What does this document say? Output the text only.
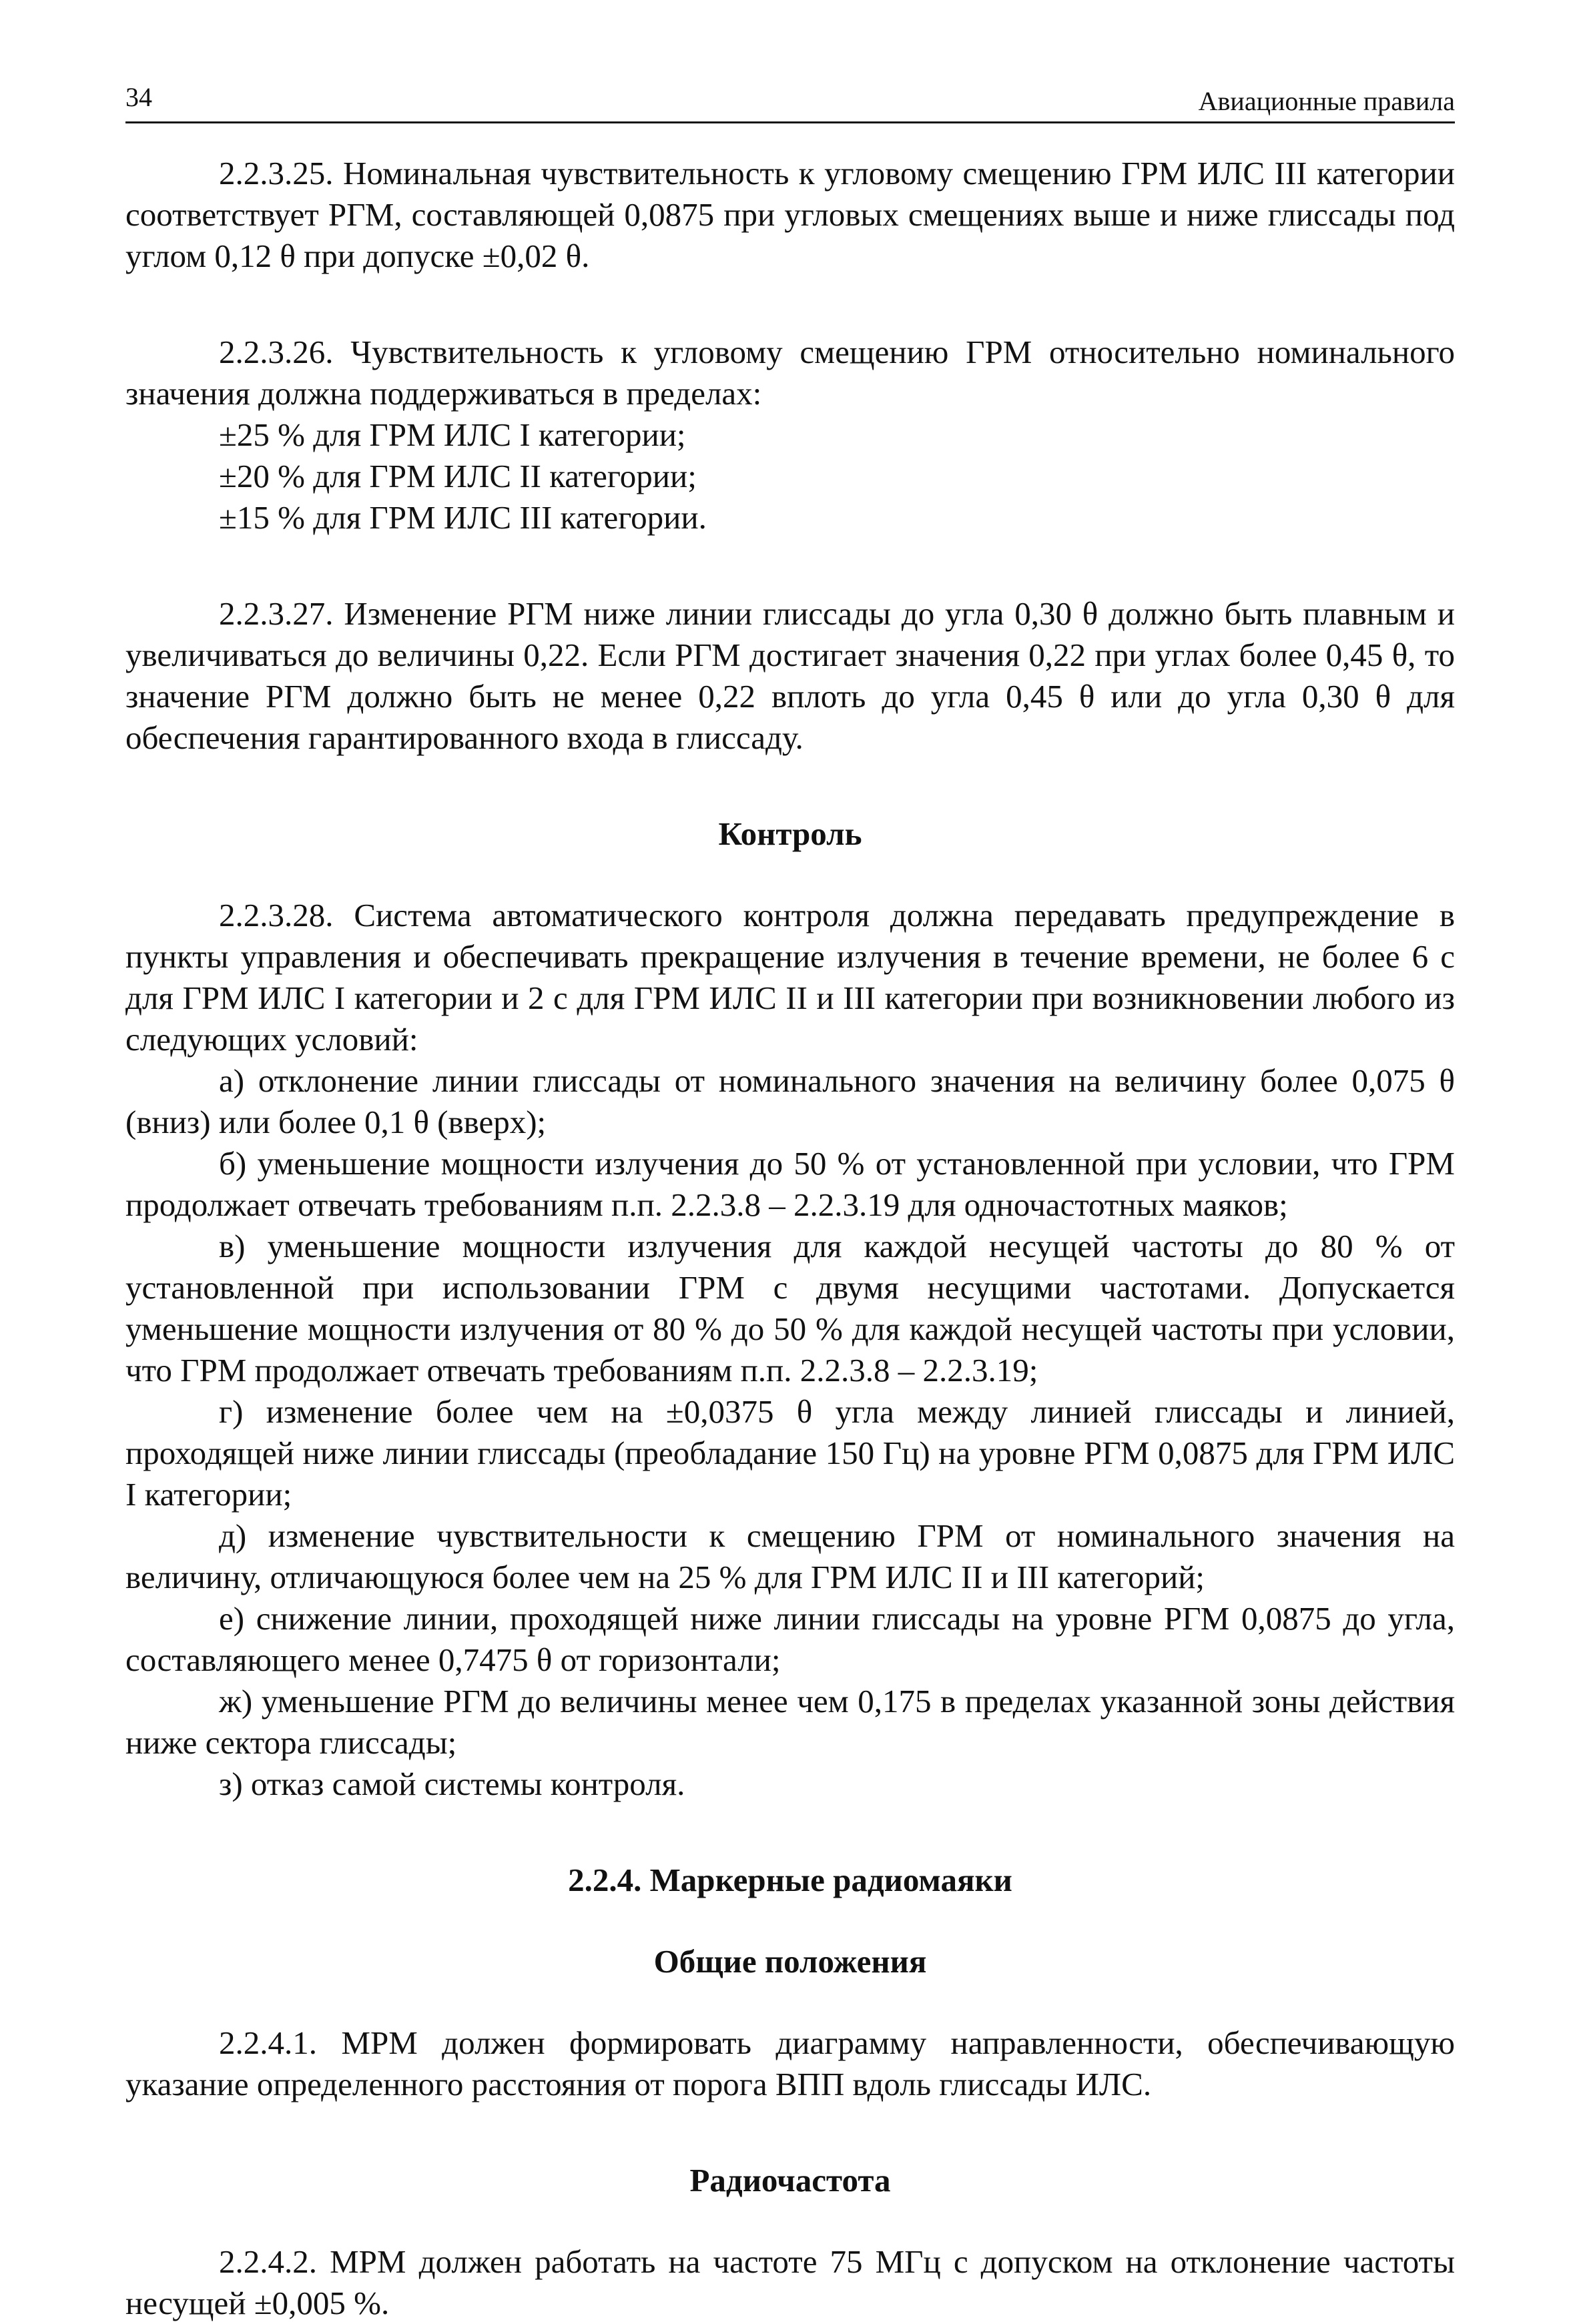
34	Авиационные правила

2.2.3.25. Номинальная чувствительность к угловому смещению ГРМ ИЛС III категории соответствует РГМ, составляющей 0,0875 при угловых смещениях выше и ниже глиссады под углом 0,12 θ при допуске ±0,02 θ.

2.2.3.26. Чувствительность к угловому смещению ГРМ относительно номинального значения должна поддерживаться в пределах:

±25 % для ГРМ ИЛС I категории;

±20 % для ГРМ ИЛС II категории;

±15 % для ГРМ ИЛС III категории.

2.2.3.27. Изменение РГМ ниже линии глиссады до угла 0,30 θ должно быть плавным и увеличиваться до величины 0,22. Если РГМ достигает значения 0,22 при углах более 0,45 θ, то значение РГМ должно быть не менее 0,22 вплоть до угла 0,45 θ или до угла 0,30 θ для обеспечения гарантированного входа в глиссаду.

Контроль

2.2.3.28. Система автоматического контроля должна передавать предупреждение в пункты управления и обеспечивать прекращение излучения в течение времени, не более 6 с для ГРМ ИЛС I категории и 2 с для ГРМ ИЛС II и III категории при возникновении любого из следующих условий:

а) отклонение линии глиссады от номинального значения на величину более 0,075 θ (вниз) или более 0,1 θ (вверх);

б) уменьшение мощности излучения до 50 % от установленной при условии, что ГРМ продолжает отвечать требованиям п.п. 2.2.3.8 – 2.2.3.19 для одночастотных маяков;

в) уменьшение мощности излучения для каждой несущей частоты до 80 % от установленной при использовании ГРМ с двумя несущими частотами. Допускается уменьшение мощности излучения от 80 % до 50 % для каждой несущей частоты при условии, что ГРМ продолжает отвечать требованиям п.п. 2.2.3.8 – 2.2.3.19;

г) изменение более чем на ±0,0375 θ угла между линией глиссады и линией, проходящей ниже линии глиссады (преобладание 150 Гц) на уровне РГМ 0,0875 для ГРМ ИЛС I категории;

д) изменение чувствительности к смещению ГРМ от номинального значения на величину, отличающуюся более чем на 25 % для ГРМ ИЛС II и III категорий;

е) снижение линии, проходящей ниже линии глиссады на уровне РГМ 0,0875 до угла, составляющего менее 0,7475 θ от горизонтали;

ж) уменьшение РГМ до величины менее чем 0,175 в пределах указанной зоны действия ниже сектора глиссады;

з) отказ самой системы контроля.

2.2.4. Маркерные радиомаяки

Общие положения

2.2.4.1. МРМ должен формировать диаграмму направленности, обеспечивающую указание определенного расстояния от порога ВПП вдоль глиссады ИЛС.

Радиочастота

2.2.4.2. МРМ должен работать на частоте 75 МГц с допуском на отклонение частоты несущей ±0,005 %.
